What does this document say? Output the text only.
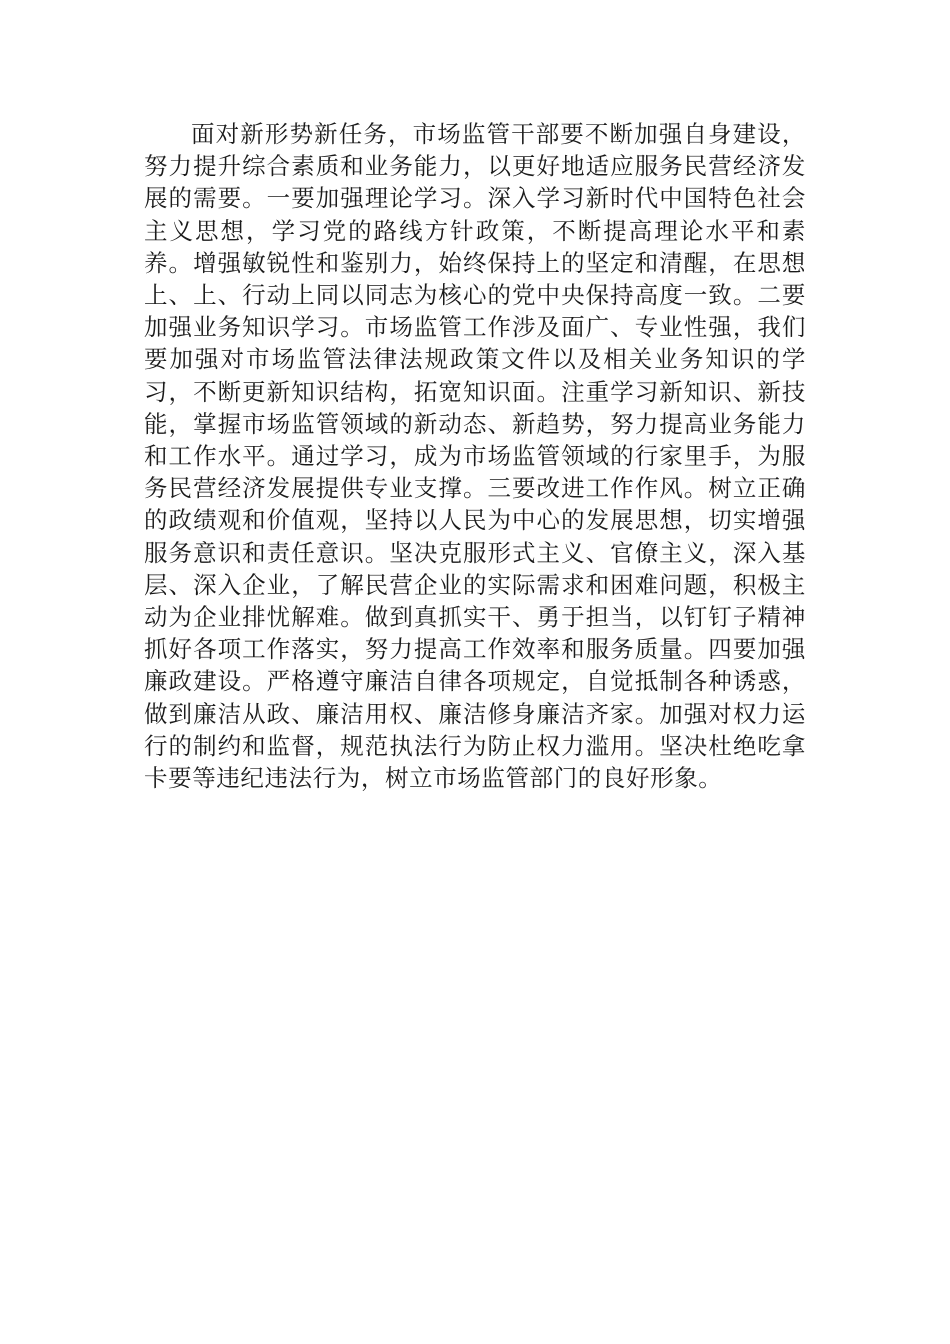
面对新形势新任务，市场监管干部要不断加强自身建设，努力提升综合素质和业务能力，以更好地适应服务民营经济发展的需要。一要加强理论学习。深入学习新时代中国特色社会主义思想，学习党的路线方针政策，不断提高理论水平和素养。增强敏锐性和鉴别力，始终保持上的坚定和清醒，在思想上、上、行动上同以同志为核心的党中央保持高度一致。二要加强业务知识学习。市场监管工作涉及面广、专业性强，我们要加强对市场监管法律法规政策文件以及相关业务知识的学习，不断更新知识结构，拓宽知识面。注重学习新知识、新技能，掌握市场监管领域的新动态、新趋势，努力提高业务能力和工作水平。通过学习，成为市场监管领域的行家里手，为服务民营经济发展提供专业支撑。三要改进工作作风。树立正确的政绩观和价值观，坚持以人民为中心的发展思想，切实增强服务意识和责任意识。坚决克服形式主义、官僚主义，深入基层、深入企业，了解民营企业的实际需求和困难问题，积极主动为企业排忧解难。做到真抓实干、勇于担当，以钉钉子精神抓好各项工作落实，努力提高工作效率和服务质量。四要加强廉政建设。严格遵守廉洁自律各项规定，自觉抵制各种诱惑，做到廉洁从政、廉洁用权、廉洁修身廉洁齐家。加强对权力运行的制约和监督，规范执法行为防止权力滥用。坚决杜绝吃拿卡要等违纪违法行为，树立市场监管部门的良好形象。
